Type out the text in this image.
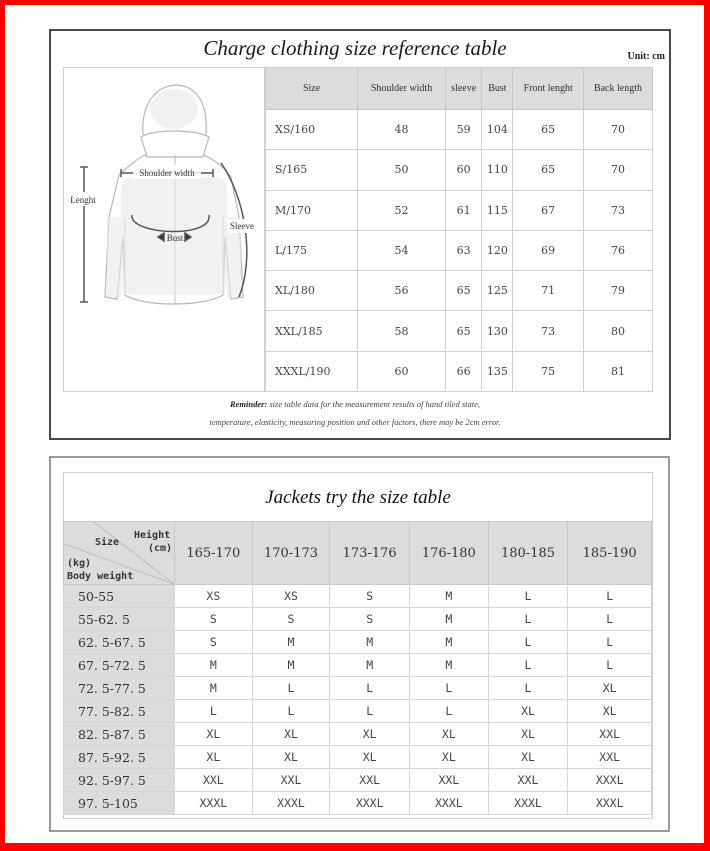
Charge clothing size reference table	Unit: cm
Shoulder width
Lenght
Sleeve
Bust
Size	Shoulder width	sleeve	Bust	Front lenght	Back length
XS/160	48	59	104	65	70
S/165	50	60	110	65	70
M/170	52	61	115	67	73
L/175	54	63	120	69	76
XL/180	56	65	125	71	79
XXL/185	58	65	130	73	80
XXXL/190	60	66	135	75	81
Reminder: size table data for the measurement results of hand tiled state,
temperature, elasticity, measuring position and other factors, there may be 2cm error.
Jackets try the size table
Size
Height
(cm)
(kg)
Body weight	165-170	170-173	173-176	176-180	180-185	185-190
50-55	XS	XS	S	M	L	L
55-62. 5	S	S	S	M	L	L
62. 5-67. 5	S	M	M	M	L	L
67. 5-72. 5	M	M	M	M	L	L
72. 5-77. 5	M	L	L	L	L	XL
77. 5-82. 5	L	L	L	L	XL	XL
82. 5-87. 5	XL	XL	XL	XL	XL	XXL
87. 5-92. 5	XL	XL	XL	XL	XL	XXL
92. 5-97. 5	XXL	XXL	XXL	XXL	XXL	XXXL
97. 5-105	XXXL	XXXL	XXXL	XXXL	XXXL	XXXL
